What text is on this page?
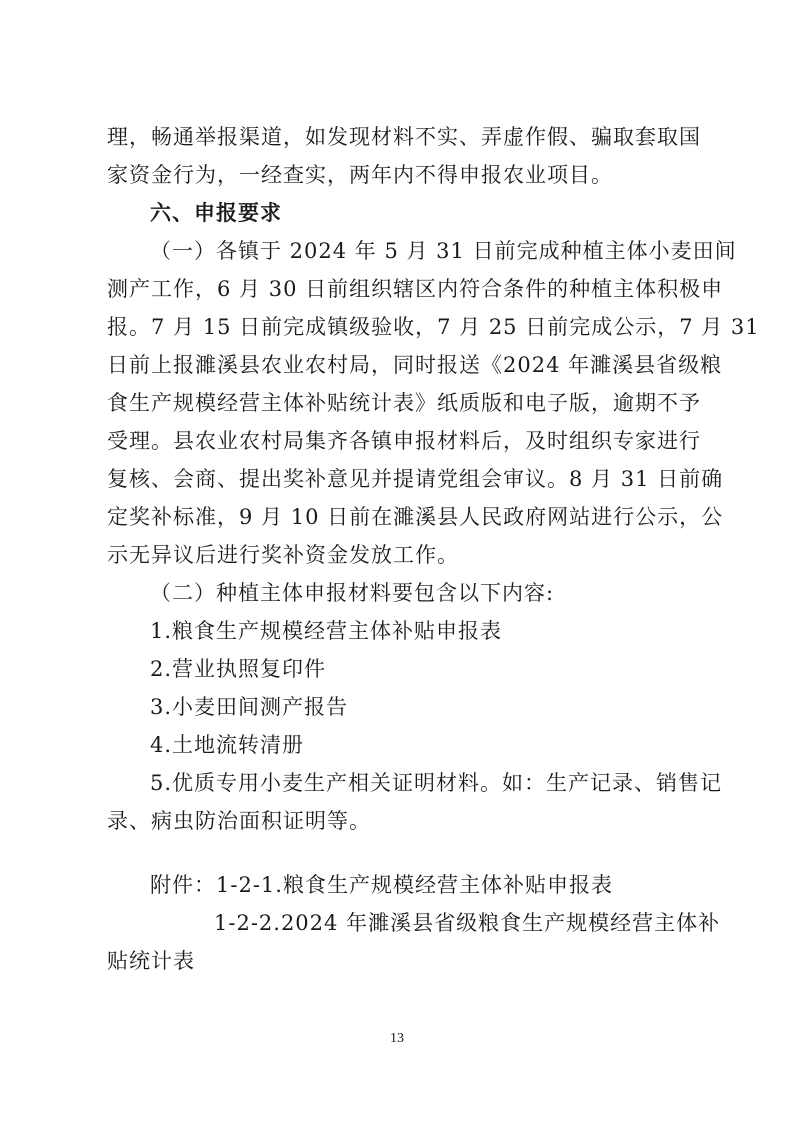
理，畅通举报渠道，如发现材料不实、弄虚作假、骗取套取国
家资金行为，一经查实，两年内不得申报农业项目。
六、申报要求
（一）各镇于 2024 年 5 月 31 日前完成种植主体小麦田间
测产工作，6 月 30 日前组织辖区内符合条件的种植主体积极申
报。7 月 15 日前完成镇级验收，7 月 25 日前完成公示，7 月 31
日前上报濉溪县农业农村局，同时报送《2024 年濉溪县省级粮
食生产规模经营主体补贴统计表》纸质版和电子版，逾期不予
受理。县农业农村局集齐各镇申报材料后，及时组织专家进行
复核、会商、提出奖补意见并提请党组会审议。8 月 31 日前确
定奖补标准，9 月 10 日前在濉溪县人民政府网站进行公示，公
示无异议后进行奖补资金发放工作。
（二）种植主体申报材料要包含以下内容:
1.粮食生产规模经营主体补贴申报表
2.营业执照复印件
3.小麦田间测产报告
4.土地流转清册
5.优质专用小麦生产相关证明材料。如：生产记录、销售记
录、病虫防治面积证明等。
附件：1-2-1.粮食生产规模经营主体补贴申报表
1-2-2.2024 年濉溪县省级粮食生产规模经营主体补
贴统计表
13
